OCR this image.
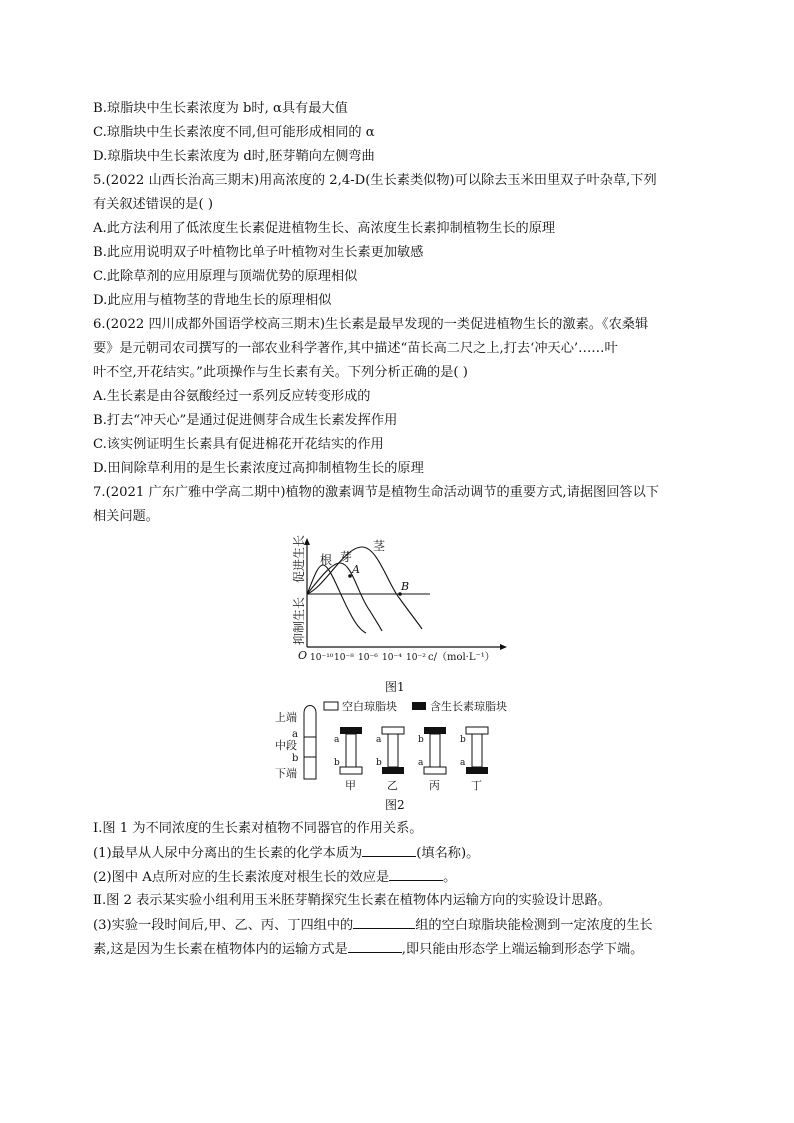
B.琼脂块中生长素浓度为 b时, α具有最大值
C.琼脂块中生长素浓度不同,但可能形成相同的 α
D.琼脂块中生长素浓度为 d时,胚芽鞘向左侧弯曲
5.(2022 山西长治高三期末)用高浓度的 2,4-D(生长素类似物)可以除去玉米田里双子叶杂草,下列
有关叙述错误的是( )
A.此方法利用了低浓度生长素促进植物生长、高浓度生长素抑制植物生长的原理
B.此应用说明双子叶植物比单子叶植物对生长素更加敏感
C.此除草剂的应用原理与顶端优势的原理相似
D.此应用与植物茎的背地生长的原理相似
6.(2022 四川成都外国语学校高三期末)生长素是最早发现的一类促进植物生长的激素。《农桑辑
要》是元朝司农司撰写的一部农业科学著作,其中描述“苗长高二尺之上,打去‘冲天心’……叶
叶不空,开花结实。”此项操作与生长素有关。下列分析正确的是( )
A.生长素是由谷氨酸经过一系列反应转变形成的
B.打去“冲天心”是通过促进侧芽合成生长素发挥作用
C.该实例证明生长素具有促进棉花开花结实的作用
D.田间除草利用的是生长素浓度过高抑制植物生长的原理
7.(2021 广东广雅中学高二期中)植物的激素调节是植物生命活动调节的重要方式,请据图回答以下
相关问题。
根 芽
茎
A
B
促进生长
抑制生长
O 10⁻¹⁰ 10⁻⁸ 10⁻⁶ 10⁻⁴ 10⁻² c/（mol·L⁻¹）
图1
空白琼脂块	含生长素琼脂块
上端
a
中段
b
下端
a
b
甲
a
b
乙
b
a
丙
b
a
丁
图2
Ⅰ.图 1 为不同浓度的生长素对植物不同器官的作用关系。
(1)最早从人尿中分离出的生长素的化学本质为	(填名称)。
(2)图中 A点所对应的生长素浓度对根生长的效应是	。
Ⅱ.图 2 表示某实验小组利用玉米胚芽鞘探究生长素在植物体内运输方向的实验设计思路。
(3)实验一段时间后,甲、乙、丙、丁四组中的	组的空白琼脂块能检测到一定浓度的生长
素,这是因为生长素在植物体内的运输方式是	,即只能由形态学上端运输到形态学下端。
